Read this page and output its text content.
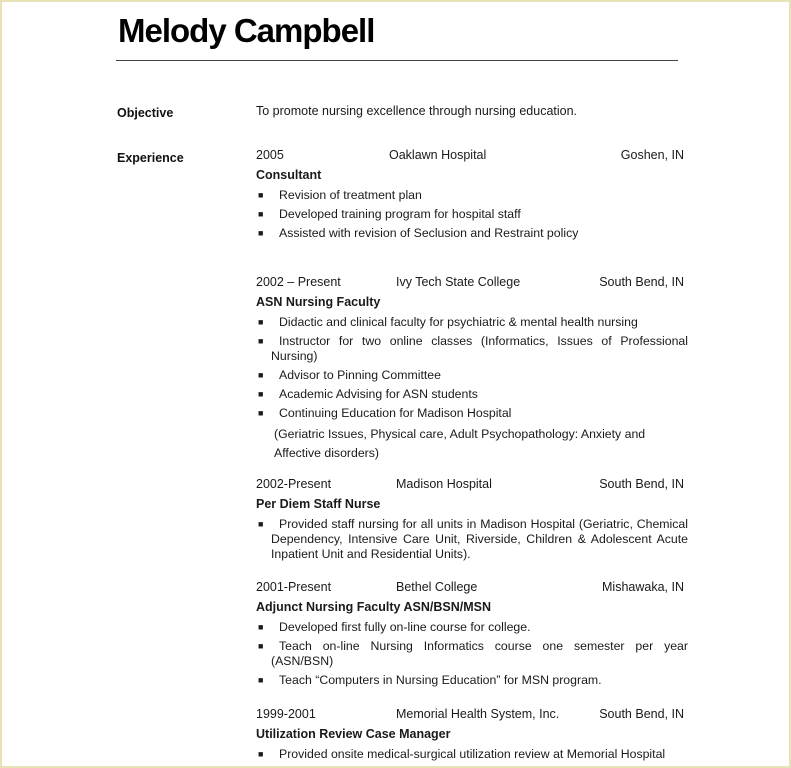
Melody Campbell
Objective	To promote nursing excellence through nursing education.
Experience	2005	Oaklawn Hospital	Goshen, IN
Consultant
■ Revision of treatment plan
■ Developed training program for hospital staff
■ Assisted with revision of Seclusion and Restraint policy
2002 – Present	Ivy Tech State College	South Bend, IN
ASN Nursing Faculty
■ Didactic and clinical faculty for psychiatric & mental health nursing
■ Instructor for two online classes (Informatics, Issues of Professional Nursing)
■ Advisor to Pinning Committee
■ Academic Advising for ASN students
■ Continuing Education for Madison Hospital
(Geriatric Issues, Physical care, Adult Psychopathology: Anxiety and Affective disorders)
2002-Present	Madison Hospital	South Bend, IN
Per Diem Staff Nurse
■ Provided staff nursing for all units in Madison Hospital (Geriatric, Chemical Dependency, Intensive Care Unit, Riverside, Children & Adolescent Acute Inpatient Unit and Residential Units).
2001-Present	Bethel College	Mishawaka, IN
Adjunct Nursing Faculty ASN/BSN/MSN
■ Developed first fully on-line course for college.
■ Teach on-line Nursing Informatics course one semester per year (ASN/BSN)
■ Teach “Computers in Nursing Education” for MSN program.
1999-2001	Memorial Health System, Inc.	South Bend, IN
Utilization Review Case Manager
■ Provided onsite medical-surgical utilization review at Memorial Hospital
